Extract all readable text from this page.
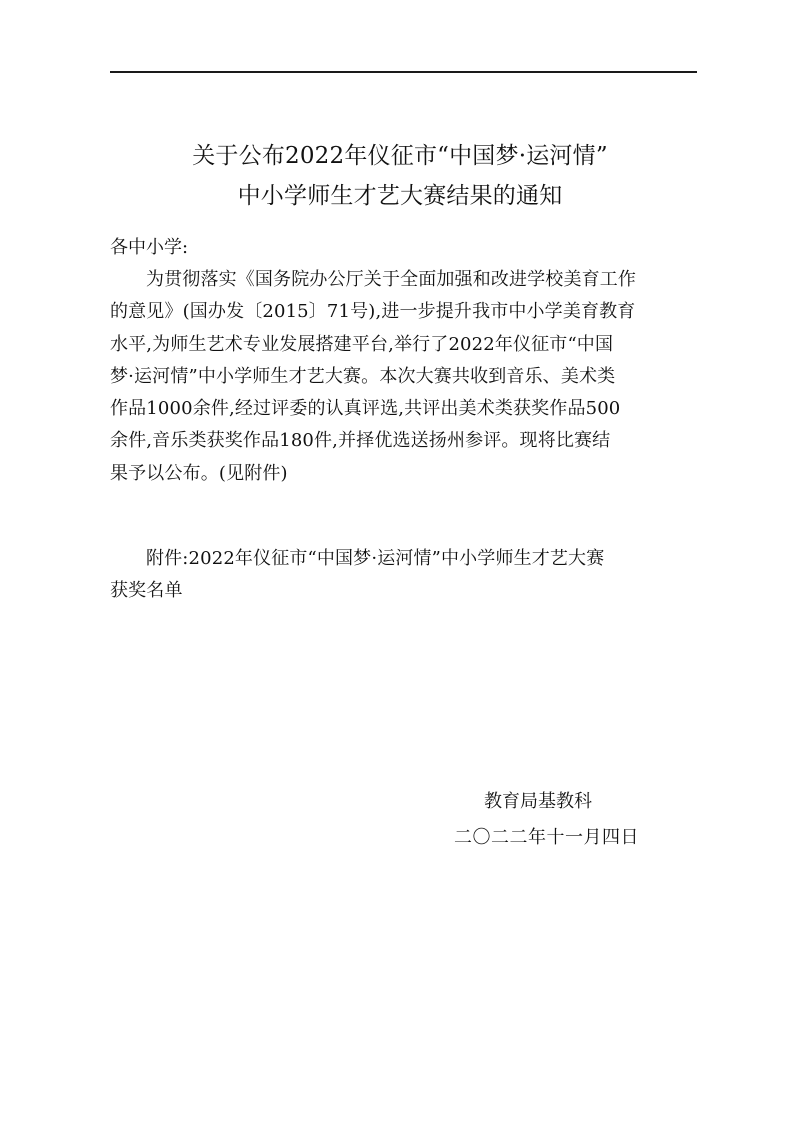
关于公布2022年仪征市“中国梦·运河情”
中小学师生才艺大赛结果的通知
各中小学:
为贯彻落实《国务院办公厅关于全面加强和改进学校美育工作
的意见》(国办发〔2015〕71号),进一步提升我市中小学美育教育
水平,为师生艺术专业发展搭建平台,举行了2022年仪征市“中国
梦·运河情”中小学师生才艺大赛。本次大赛共收到音乐、美术类
作品1000余件,经过评委的认真评选,共评出美术类获奖作品500
余件,音乐类获奖作品180件,并择优选送扬州参评。现将比赛结
果予以公布。(见附件)
附件:2022年仪征市“中国梦·运河情”中小学师生才艺大赛
获奖名单
教育局基教科
二〇二二年十一月四日
